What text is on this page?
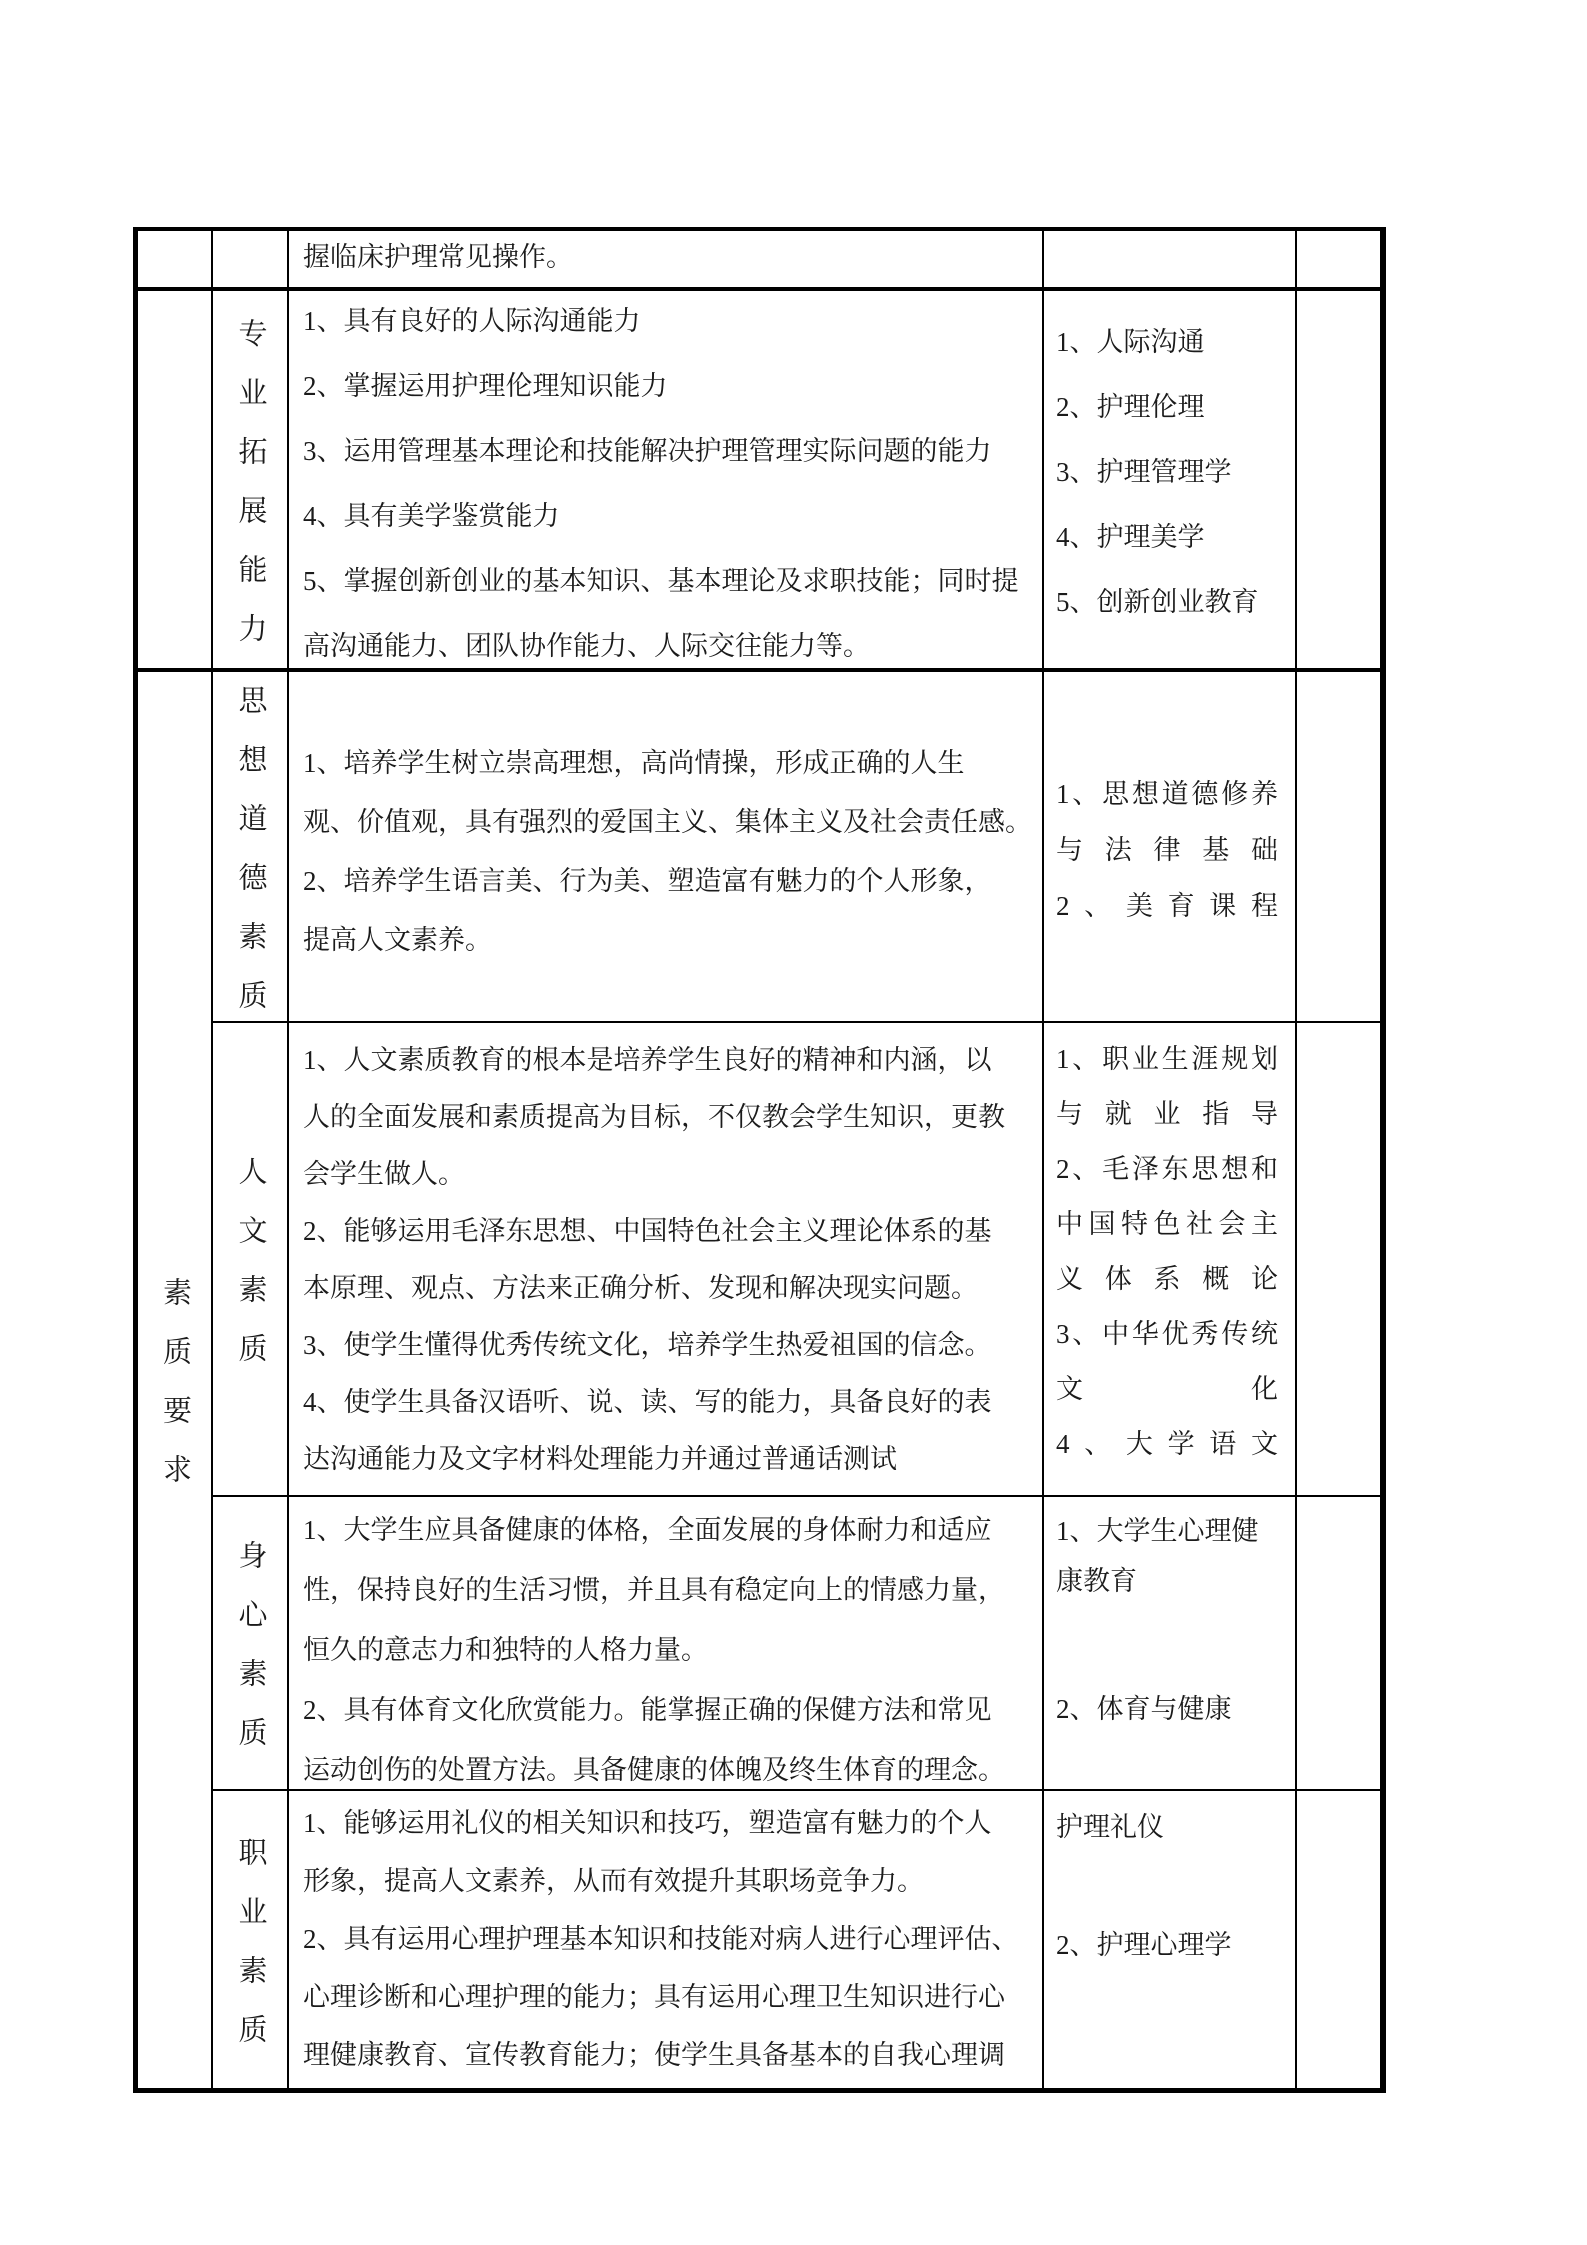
握临床护理常见操作。
专业拓展能力 1、具有良好的人际沟通能力
2、掌握运用护理伦理知识能力
3、运用管理基本理论和技能解决护理管理实际问题的能力
4、具有美学鉴赏能力
5、掌握创新创业的基本知识、基本理论及求职技能；同时提
高沟通能力、团队协作能力、人际交往能力等。
1、人际沟通
2、护理伦理
3、护理管理学
4、护理美学
5、创新创业教育
素质要求
思想道德素质 1、培养学生树立崇高理想，高尚情操，形成正确的人生
观、价值观，具有强烈的爱国主义、集体主义及社会责任感。
2、培养学生语言美、行为美、塑造富有魅力的个人形象，
提高人文素养。
1、思想道德修养
与法律基础
2、美育课程
人文素质
1、人文素质教育的根本是培养学生良好的精神和内涵，以
人的全面发展和素质提高为目标，不仅教会学生知识，更教
会学生做人。
2、能够运用毛泽东思想、中国特色社会主义理论体系的基
本原理、观点、方法来正确分析、发现和解决现实问题。
3、使学生懂得优秀传统文化，培养学生热爱祖国的信念。
4、使学生具备汉语听、说、读、写的能力，具备良好的表
达沟通能力及文字材料处理能力并通过普通话测试
1、职业生涯规划
与就业指导
2、毛泽东思想和
中国特色社会主
义体系概论
3、中华优秀传统
文化
4、大学语文
身心素质
1、大学生应具备健康的体格，全面发展的身体耐力和适应
性，保持良好的生活习惯，并且具有稳定向上的情感力量，
恒久的意志力和独特的人格力量。
2、具有体育文化欣赏能力。能掌握正确的保健方法和常见
运动创伤的处置方法。具备健康的体魄及终生体育的理念。
1、大学生心理健
康教育
2、体育与健康
职业素质
1、能够运用礼仪的相关知识和技巧，塑造富有魅力的个人
形象，提高人文素养，从而有效提升其职场竞争力。
2、具有运用心理护理基本知识和技能对病人进行心理评估、
心理诊断和心理护理的能力；具有运用心理卫生知识进行心
理健康教育、宣传教育能力；使学生具备基本的自我心理调
护理礼仪
2、护理心理学
